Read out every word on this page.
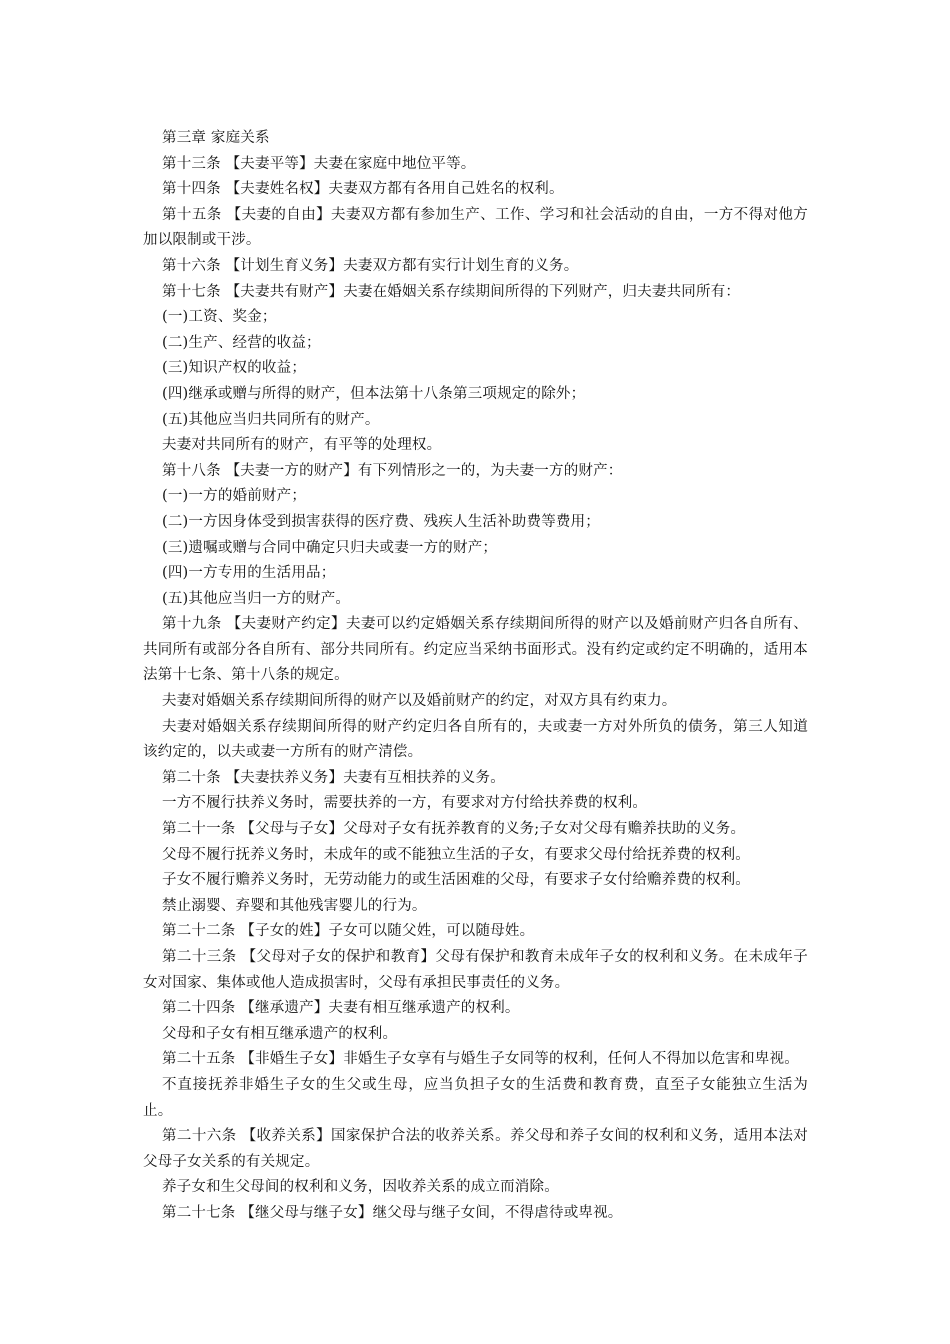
第三章 家庭关系

第十三条 【夫妻平等】夫妻在家庭中地位平等。

第十四条 【夫妻姓名权】夫妻双方都有各用自己姓名的权利。

第十五条 【夫妻的自由】夫妻双方都有参加生产、工作、学习和社会活动的自由，一方不得对他方加以限制或干涉。

第十六条 【计划生育义务】夫妻双方都有实行计划生育的义务。

第十七条 【夫妻共有财产】夫妻在婚姻关系存续期间所得的下列财产，归夫妻共同所有：

(一)工资、奖金；

(二)生产、经营的收益；

(三)知识产权的收益；

(四)继承或赠与所得的财产，但本法第十八条第三项规定的除外；

(五)其他应当归共同所有的财产。

夫妻对共同所有的财产，有平等的处理权。

第十八条 【夫妻一方的财产】有下列情形之一的，为夫妻一方的财产：

(一)一方的婚前财产；

(二)一方因身体受到损害获得的医疗费、残疾人生活补助费等费用；

(三)遗嘱或赠与合同中确定只归夫或妻一方的财产；

(四)一方专用的生活用品；

(五)其他应当归一方的财产。

第十九条 【夫妻财产约定】夫妻可以约定婚姻关系存续期间所得的财产以及婚前财产归各自所有、共同所有或部分各自所有、部分共同所有。约定应当采纳书面形式。没有约定或约定不明确的，适用本法第十七条、第十八条的规定。

夫妻对婚姻关系存续期间所得的财产以及婚前财产的约定，对双方具有约束力。

夫妻对婚姻关系存续期间所得的财产约定归各自所有的，夫或妻一方对外所负的债务，第三人知道该约定的，以夫或妻一方所有的财产清偿。

第二十条 【夫妻扶养义务】夫妻有互相扶养的义务。

一方不履行扶养义务时，需要扶养的一方，有要求对方付给扶养费的权利。

第二十一条 【父母与子女】父母对子女有抚养教育的义务;子女对父母有赡养扶助的义务。

父母不履行抚养义务时，未成年的或不能独立生活的子女，有要求父母付给抚养费的权利。

子女不履行赡养义务时，无劳动能力的或生活困难的父母，有要求子女付给赡养费的权利。

禁止溺婴、弃婴和其他残害婴儿的行为。

第二十二条 【子女的姓】子女可以随父姓，可以随母姓。

第二十三条 【父母对子女的保护和教育】父母有保护和教育未成年子女的权利和义务。在未成年子女对国家、集体或他人造成损害时，父母有承担民事责任的义务。

第二十四条 【继承遗产】夫妻有相互继承遗产的权利。

父母和子女有相互继承遗产的权利。

第二十五条 【非婚生子女】非婚生子女享有与婚生子女同等的权利，任何人不得加以危害和卑视。

不直接抚养非婚生子女的生父或生母，应当负担子女的生活费和教育费，直至子女能独立生活为止。

第二十六条 【收养关系】国家保护合法的收养关系。养父母和养子女间的权利和义务，适用本法对父母子女关系的有关规定。

养子女和生父母间的权利和义务，因收养关系的成立而消除。

第二十七条 【继父母与继子女】继父母与继子女间，不得虐待或卑视。
